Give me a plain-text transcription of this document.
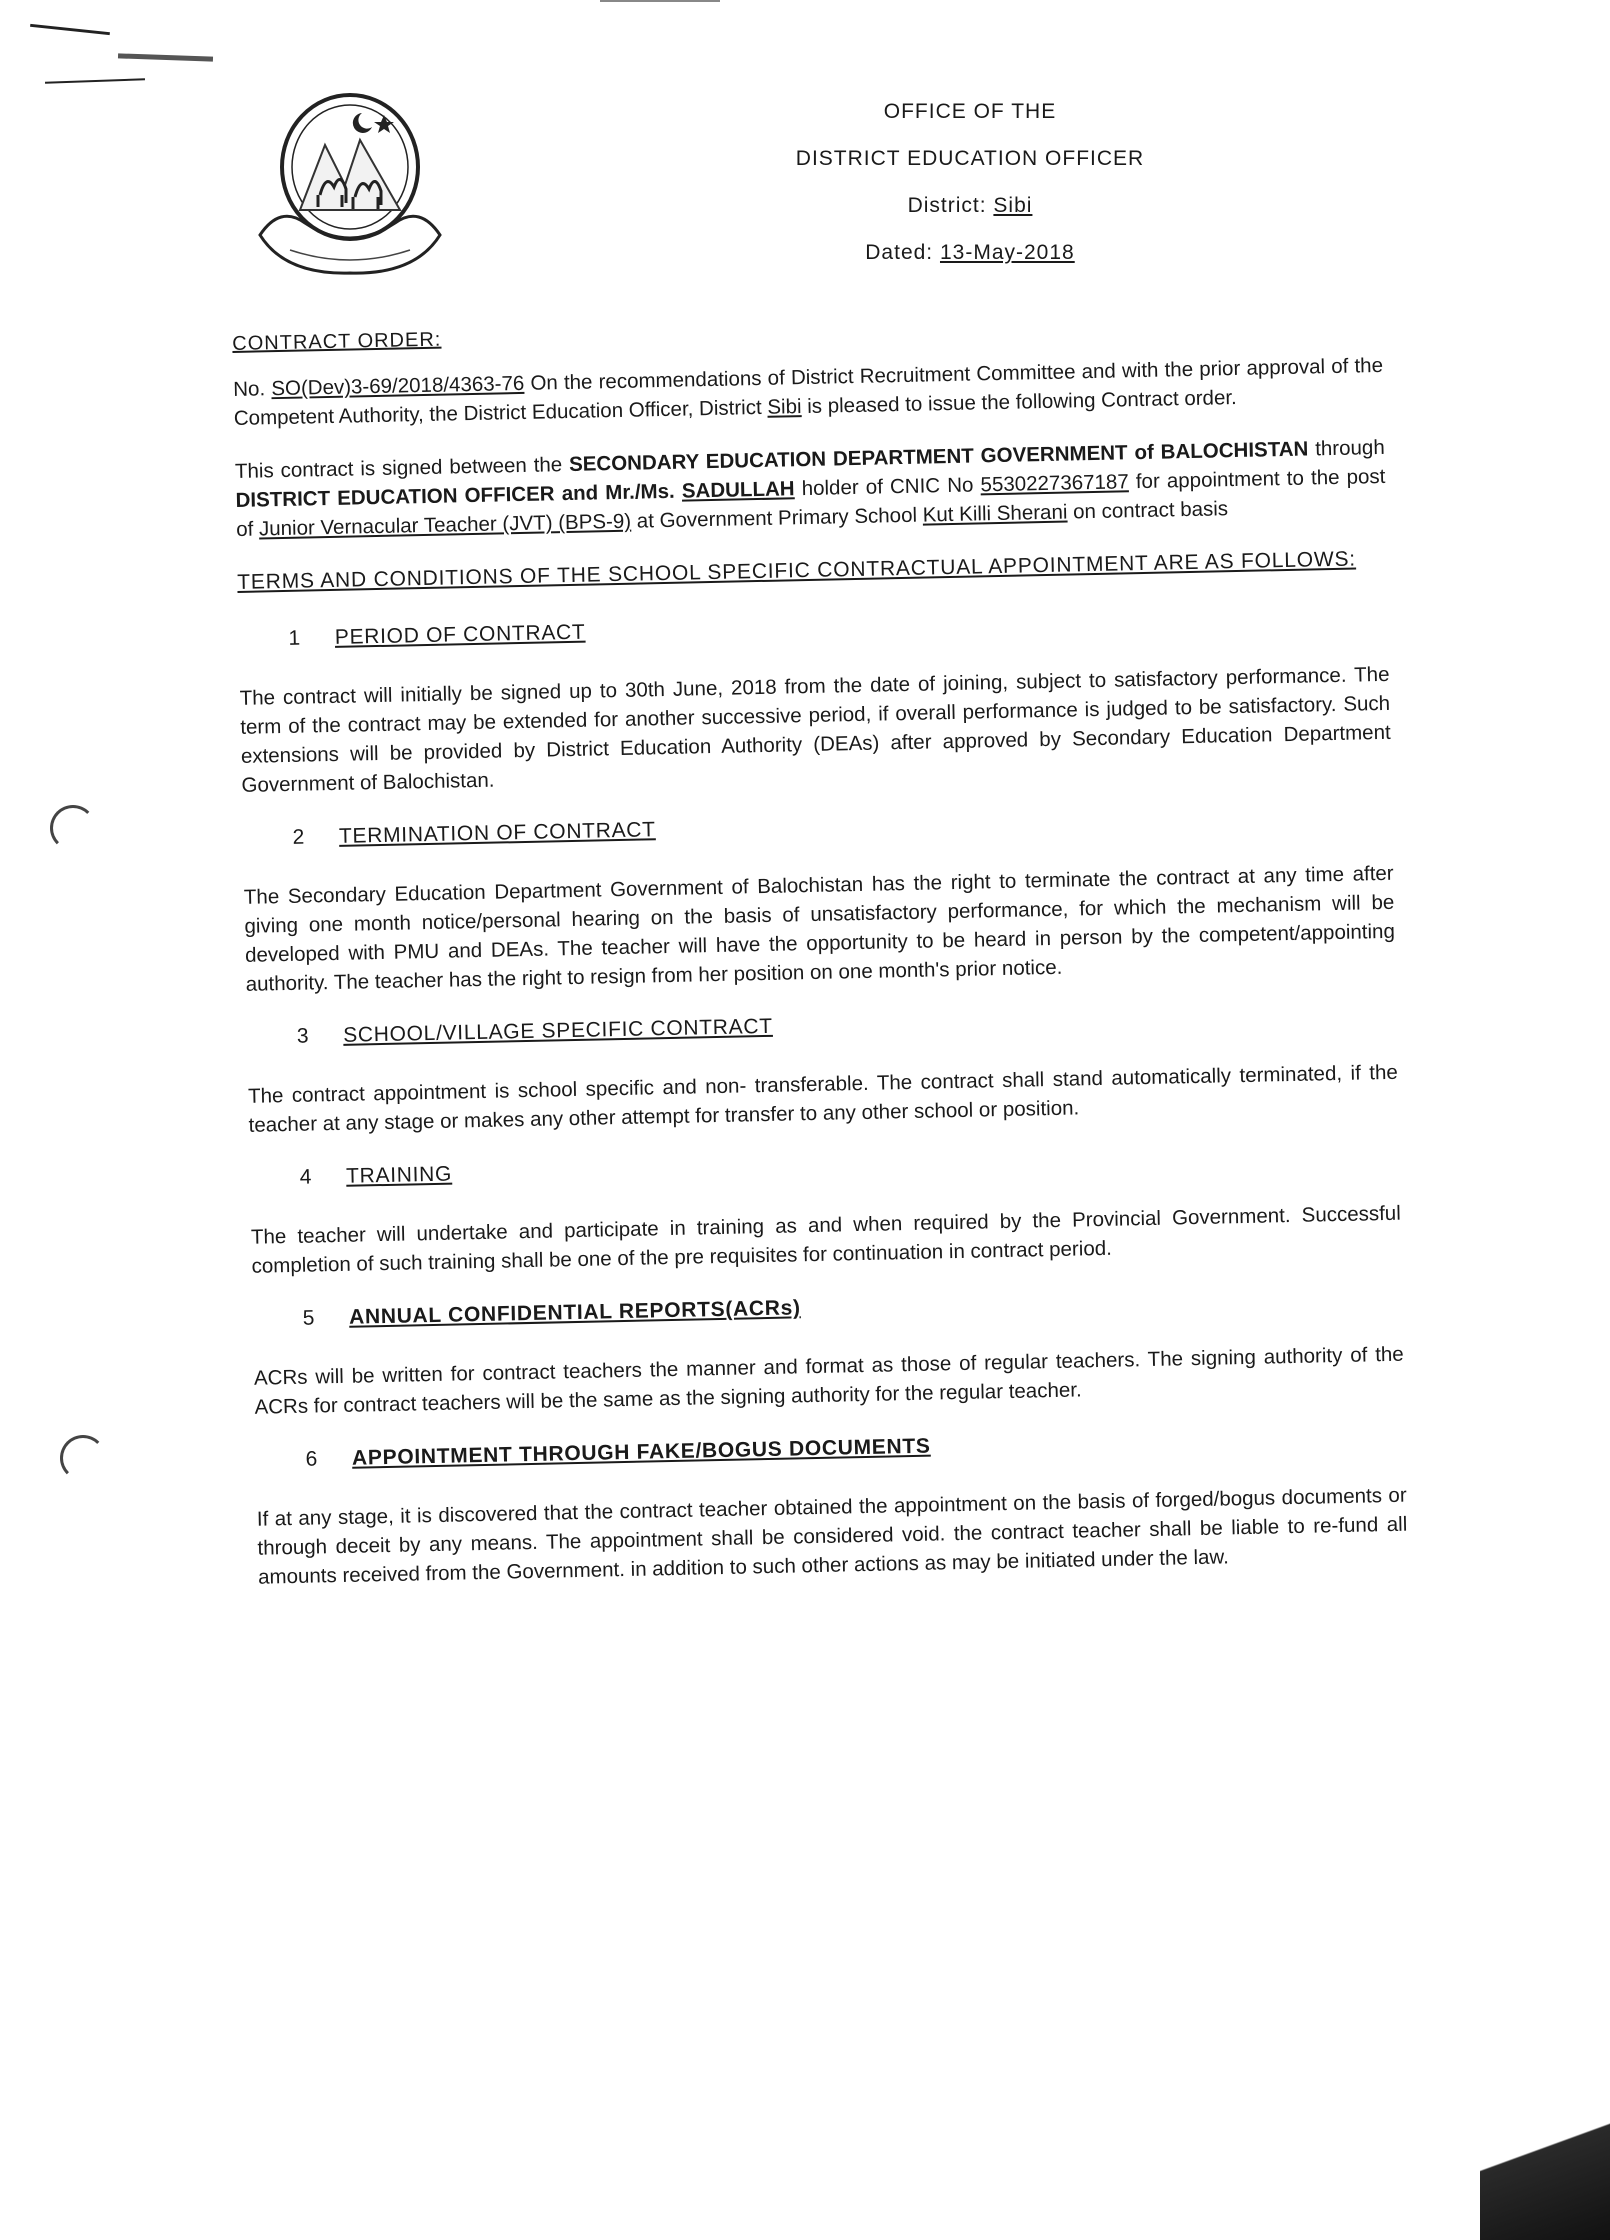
OFFICE OF THE
DISTRICT EDUCATION OFFICER
District: Sibi
Dated: 13-May-2018

CONTRACT ORDER:

No. SO(Dev)3-69/2018/4363-76 On the recommendations of District Recruitment Committee and with the prior approval of the Competent Authority, the District Education Officer, District Sibi is pleased to issue the following Contract order.

This contract is signed between the SECONDARY EDUCATION DEPARTMENT GOVERNMENT of BALOCHISTAN through DISTRICT EDUCATION OFFICER and Mr./Ms. SADULLAH holder of CNIC No 5530227367187 for appointment to the post of Junior Vernacular Teacher (JVT) (BPS-9) at Government Primary School Kut Killi Sherani on contract basis

TERMS AND CONDITIONS OF THE SCHOOL SPECIFIC CONTRACTUAL APPOINTMENT ARE AS FOLLOWS:

1 PERIOD OF CONTRACT

The contract will initially be signed up to 30th June, 2018 from the date of joining, subject to satisfactory performance. The term of the contract may be extended for another successive period, if overall performance is judged to be satisfactory. Such extensions will be provided by District Education Authority (DEAs) after approved by Secondary Education Department Government of Balochistan.

2 TERMINATION OF CONTRACT

The Secondary Education Department Government of Balochistan has the right to terminate the contract at any time after giving one month notice/personal hearing on the basis of unsatisfactory performance, for which the mechanism will be developed with PMU and DEAs. The teacher will have the opportunity to be heard in person by the competent/appointing authority. The teacher has the right to resign from her position on one month's prior notice.

3 SCHOOL/VILLAGE SPECIFIC CONTRACT

The contract appointment is school specific and non- transferable. The contract shall stand automatically terminated, if the teacher at any stage or makes any other attempt for transfer to any other school or position.

4 TRAINING

The teacher will undertake and participate in training as and when required by the Provincial Government. Successful completion of such training shall be one of the pre requisites for continuation in contract period.

5 ANNUAL CONFIDENTIAL REPORTS(ACRs)

ACRs will be written for contract teachers the manner and format as those of regular teachers. The signing authority of the ACRs for contract teachers will be the same as the signing authority for the regular teacher.

6 APPOINTMENT THROUGH FAKE/BOGUS DOCUMENTS

If at any stage, it is discovered that the contract teacher obtained the appointment on the basis of forged/bogus documents or through deceit by any means. The appointment shall be considered void. the contract teacher shall be liable to re-fund all amounts received from the Government. in addition to such other actions as may be initiated under the law.
